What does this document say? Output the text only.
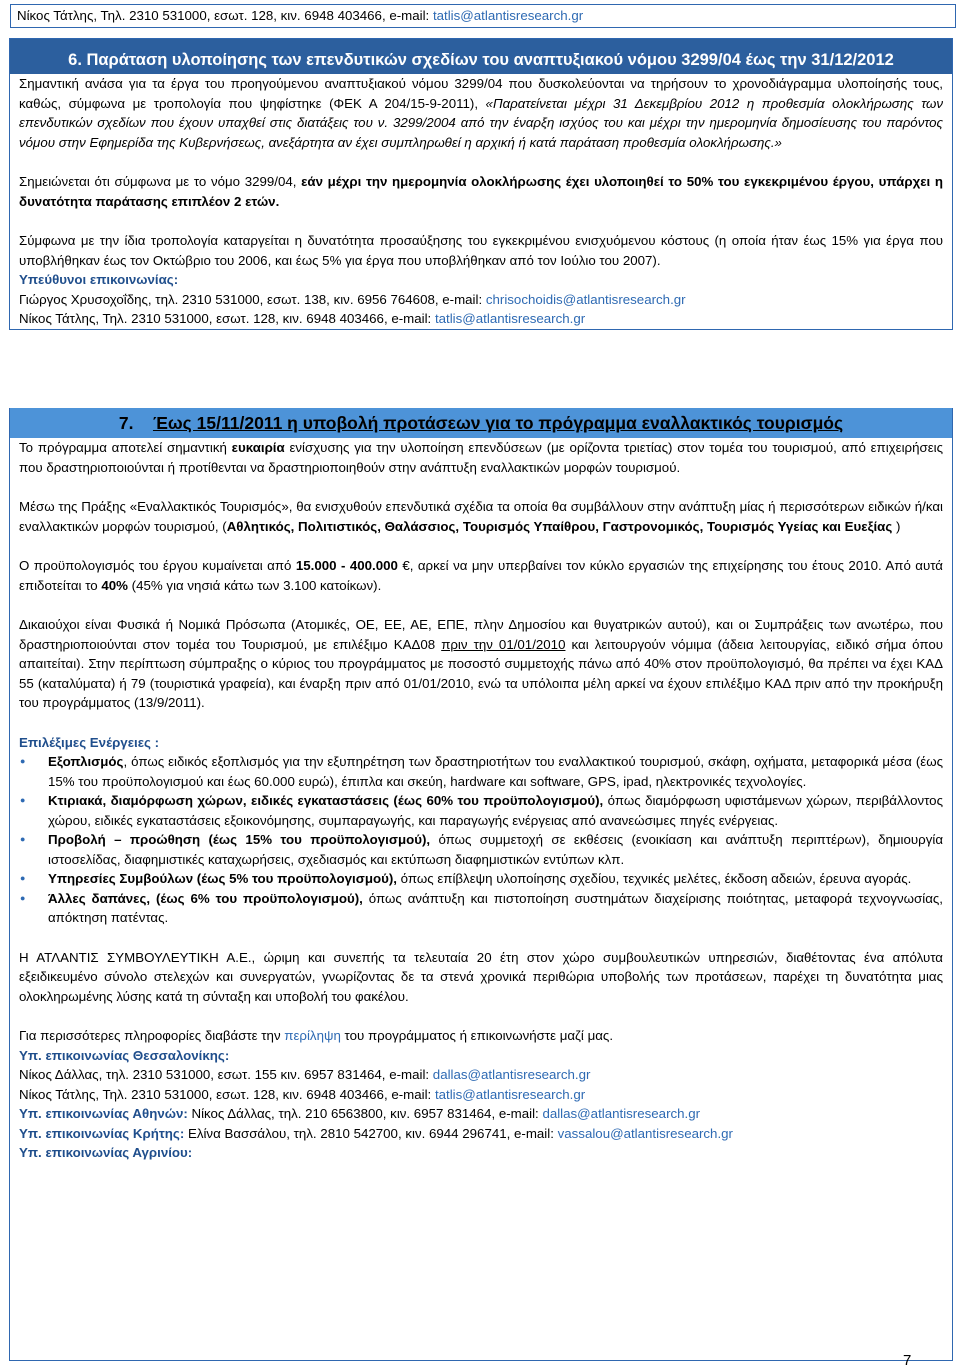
Νίκος Τάτλης, Τηλ. 2310 531000, εσωτ. 128, κιν. 6948 403466, e-mail: tatlis@atlantisresearch.gr
6. Παράταση υλοποίησης των επενδυτικών σχεδίων του αναπτυξιακού νόμου 3299/04 έως την 31/12/2012

Σημαντική ανάσα για τα έργα του προηγούμενου αναπτυξιακού νόμου 3299/04 που δυσκολεύονται να τηρήσουν το χρονοδιάγραμμα υλοποίησής τους, καθώς, σύμφωνα με τροπολογία που ψηφίστηκε (ΦΕΚ Α 204/15-9-2011), «Παρατείνεται μέχρι 31 Δεκεμβρίου 2012 η προθεσμία ολοκλήρωσης των επενδυτικών σχεδίων που έχουν υπαχθεί στις διατάξεις του ν. 3299/2004 από την έναρξη ισχύος του και μέχρι την ημερομηνία δημοσίευσης του παρόντος νόμου στην Εφημερίδα της Κυβερνήσεως, ανεξάρτητα αν έχει συμπληρωθεί η αρχική ή κατά παράταση προθεσμία ολοκλήρωσης.»

Σημειώνεται ότι σύμφωνα με το νόμο 3299/04, εάν μέχρι την ημερομηνία ολοκλήρωσης έχει υλοποιηθεί το 50% του εγκεκριμένου έργου, υπάρχει η δυνατότητα παράτασης επιπλέον 2 ετών.

Σύμφωνα με την ίδια τροπολογία καταργείται η δυνατότητα προσαύξησης του εγκεκριμένου ενισχυόμενου κόστους (η οποία ήταν έως 15% για έργα που υποβλήθηκαν έως τον Οκτώβριο του 2006, και έως 5% για έργα που υποβλήθηκαν από τον Ιούλιο του 2007).

Υπεύθυνοι επικοινωνίας:

Γιώργος Χρυσοχοΐδης, τηλ. 2310 531000, εσωτ. 138, κιν. 6956 764608, e-mail: chrisochoidis@atlantisresearch.gr

Νίκος Τάτλης, Τηλ. 2310 531000, εσωτ. 128, κιν. 6948 403466, e-mail: tatlis@atlantisresearch.gr

7. Έως 15/11/2011 η υποβολή προτάσεων για το πρόγραμμα εναλλακτικός τουρισμός

Το πρόγραμμα αποτελεί σημαντική ευκαιρία ενίσχυσης για την υλοποίηση επενδύσεων (με ορίζοντα τριετίας) στον τομέα του τουρισμού, από επιχειρήσεις που δραστηριοποιούνται ή προτίθενται να δραστηριοποιηθούν στην ανάπτυξη εναλλακτικών μορφών τουρισμού.

Μέσω της Πράξης «Εναλλακτικός Τουρισμός», θα ενισχυθούν επενδυτικά σχέδια τα οποία θα συμβάλλουν στην ανάπτυξη μίας ή περισσότερων ειδικών ή/και εναλλακτικών μορφών τουρισμού, (Αθλητικός, Πολιτιστικός, Θαλάσσιος, Τουρισμός Υπαίθρου, Γαστρονομικός, Τουρισμός Υγείας και Ευεξίας )

Ο προϋπολογισμός του έργου κυμαίνεται από 15.000 - 400.000 €, αρκεί να μην υπερβαίνει τον κύκλο εργασιών της επιχείρησης του έτους 2010. Από αυτά επιδοτείται το 40% (45% για νησιά κάτω των 3.100 κατοίκων).

Δικαιούχοι είναι Φυσικά ή Νομικά Πρόσωπα (Ατομικές, ΟΕ, ΕΕ, ΑΕ, ΕΠΕ, πλην Δημοσίου και θυγατρικών αυτού), και οι Συμπράξεις των ανωτέρω, που δραστηριοποιούνται στον τομέα του Τουρισμού, με επιλέξιμο ΚΑΔ08 πριν την 01/01/2010 και λειτουργούν νόμιμα (άδεια λειτουργίας, ειδικό σήμα όπου απαιτείται). Στην περίπτωση σύμπραξης ο κύριος του προγράμματος με ποσοστό συμμετοχής πάνω από 40% στον προϋπολογισμό, θα πρέπει να έχει ΚΑΔ 55 (καταλύματα) ή 79 (τουριστικά γραφεία), και έναρξη πριν από 01/01/2010, ενώ τα υπόλοιπα μέλη αρκεί να έχουν επιλέξιμο ΚΑΔ πριν από την προκήρυξη του προγράμματος (13/9/2011).

Επιλέξιμες Ενέργειες :

● Εξοπλισμός, όπως ειδικός εξοπλισμός για την εξυπηρέτηση των δραστηριοτήτων του εναλλακτικού τουρισμού, σκάφη, οχήματα, μεταφορικά μέσα (έως 15% του προϋπολογισμού και έως 60.000 ευρώ), έπιπλα και σκεύη, hardware και software, GPS, ipad, ηλεκτρονικές τεχνολογίες.
● Κτιριακά, διαμόρφωση χώρων, ειδικές εγκαταστάσεις (έως 60% του προϋπολογισμού), όπως διαμόρφωση υφιστάμενων χώρων, περιβάλλοντος χώρου, ειδικές εγκαταστάσεις εξοικονόμησης, συμπαραγωγής, και παραγωγής ενέργειας από ανανεώσιμες πηγές ενέργειας.
● Προβολή – προώθηση (έως 15% του προϋπολογισμού), όπως συμμετοχή σε εκθέσεις (ενοικίαση και ανάπτυξη περιπτέρων), δημιουργία ιστοσελίδας, διαφημιστικές καταχωρήσεις, σχεδιασμός και εκτύπωση διαφημιστικών εντύπων κλπ.
● Υπηρεσίες Συμβούλων (έως 5% του προϋπολογισμού), όπως επίβλεψη υλοποίησης σχεδίου, τεχνικές μελέτες, έκδοση αδειών, έρευνα αγοράς.
● Άλλες δαπάνες, (έως 6% του προϋπολογισμού), όπως ανάπτυξη και πιστοποίηση συστημάτων διαχείρισης ποιότητας, μεταφορά τεχνογνωσίας, απόκτηση πατέντας.

Η ΑΤΛΑΝΤΙΣ ΣΥΜΒΟΥΛΕΥΤΙΚΗ Α.Ε., ώριμη και συνεπής τα τελευταία 20 έτη στον χώρο συμβουλευτικών υπηρεσιών, διαθέτοντας ένα απόλυτα εξειδικευμένο σύνολο στελεχών και συνεργατών, γνωρίζοντας δε τα στενά χρονικά περιθώρια υποβολής των προτάσεων, παρέχει τη δυνατότητα μιας ολοκληρωμένης λύσης κατά τη σύνταξη και υποβολή του φακέλου.

Για περισσότερες πληροφορίες διαβάστε την περίληψη του προγράμματος ή επικοινωνήστε μαζί μας.

Υπ. επικοινωνίας Θεσσαλονίκης:

Νίκος Δάλλας, τηλ. 2310 531000, εσωτ. 155 κιν. 6957 831464, e-mail: dallas@atlantisresearch.gr

Νίκος Τάτλης, Τηλ. 2310 531000, εσωτ. 128, κιν. 6948 403466, e-mail: tatlis@atlantisresearch.gr

Υπ. επικοινωνίας Αθηνών: Νίκος Δάλλας, τηλ. 210 6563800, κιν. 6957 831464, e-mail: dallas@atlantisresearch.gr

Υπ. επικοινωνίας Κρήτης: Ελίνα Βασσάλου, τηλ. 2810 542700, κιν. 6944 296741, e-mail: vassalou@atlantisresearch.gr

Υπ. επικοινωνίας Αγρινίου:

7
